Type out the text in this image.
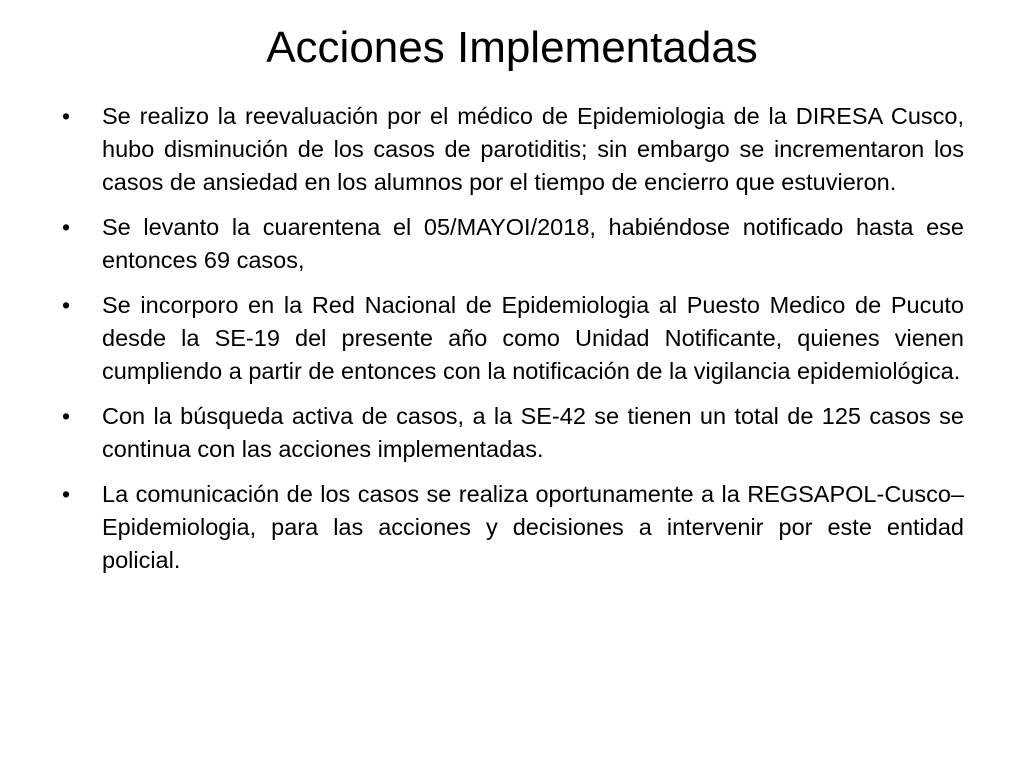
Acciones Implementadas
•	Se realizo la reevaluación por el médico de Epidemiologia de la DIRESA Cusco, hubo disminución de los casos de parotiditis; sin embargo se incrementaron los casos de ansiedad en los alumnos por el tiempo de encierro que estuvieron.
•	Se levanto la cuarentena el 05/MAYOI/2018, habiéndose notificado hasta ese entonces 69 casos,
•	Se incorporo en la Red Nacional de Epidemiologia al Puesto Medico de Pucuto desde la SE-19 del presente año como Unidad Notificante, quienes vienen cumpliendo a partir de entonces con la notificación de la vigilancia epidemiológica.
•	Con la búsqueda activa de casos, a la SE-42 se tienen un total de 125 casos se continua con las acciones implementadas.
•	La comunicación de los casos se realiza oportunamente a la REGSAPOL-Cusco–Epidemiologia, para las acciones y decisiones a intervenir por este entidad policial.
